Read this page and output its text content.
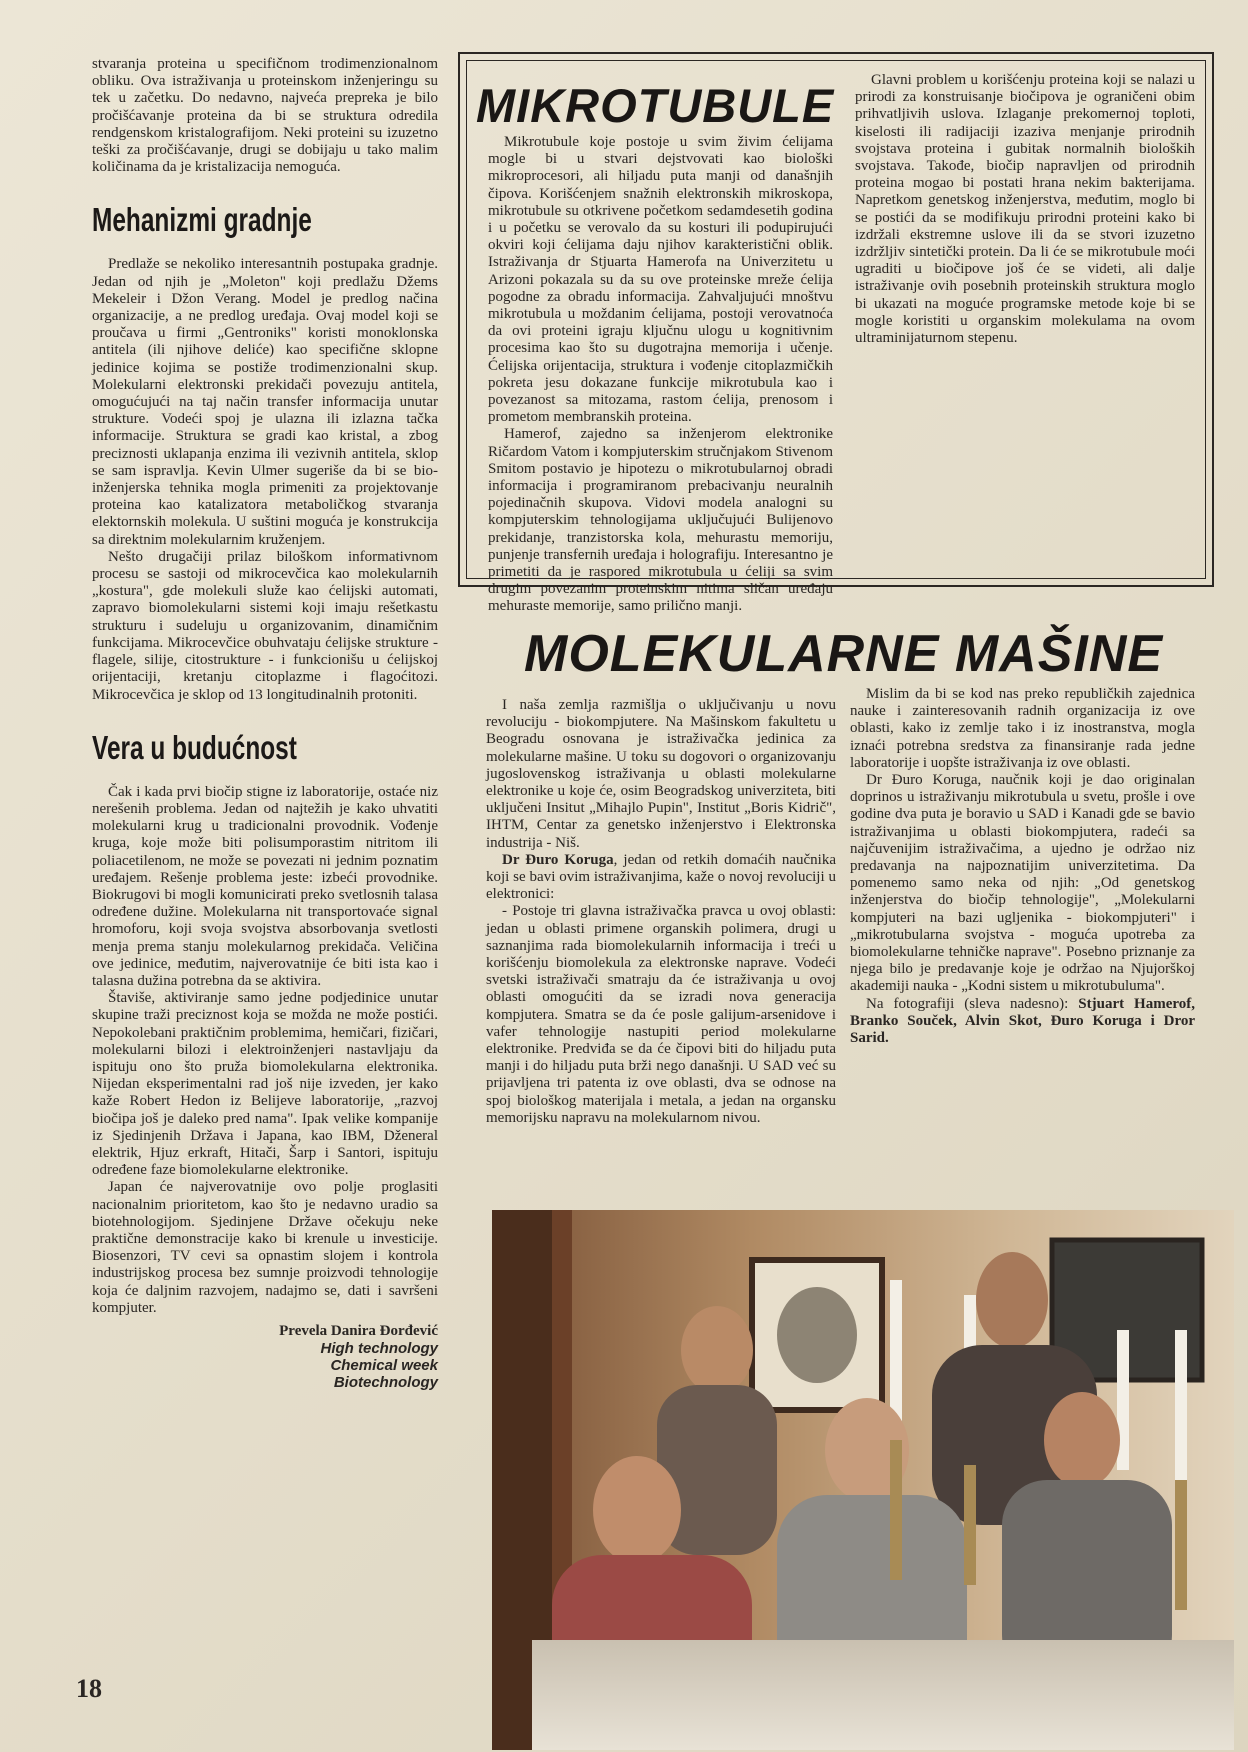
stvaranja proteina u specifičnom trodimenzionalnom obliku. Ova istraživanja u proteinskom inženjeringu su tek u začetku. Do nedavno, najveća prepreka je bilo pročišćavanje proteina da bi se struktura odredila rendgenskom kristalografijom. Neki proteini su izuzetno teški za pročišćavanje, drugi se dobijaju u tako malim količinama da je kristalizacija nemoguća.

Mehanizmi gradnje

Predlaže se nekoliko interesantnih postupaka gradnje. Jedan od njih je „Moleton" koji predlažu Džems Mekeleir i Džon Verang. Model je predlog načina organizacije, a ne predlog uređaja. Ovaj model koji se proučava u firmi „Gentroniks" koristi monoklonska antitela (ili njihove deliće) kao specifične sklopne jedinice kojima se postiže trodimenzionalni skup. Molekularni elektronski prekidači povezuju antitela, omogućujući na taj način transfer informacija unutar strukture. Vodeći spoj je ulazna ili izlazna tačka informacije. Struktura se gradi kao kristal, a zbog preciznosti uklapanja enzima ili vezivnih antitela, sklop se sam ispravlja. Kevin Ulmer sugeriše da bi se bio-inženjerska tehnika mogla primeniti za projektovanje proteina kao katalizatora metaboličkog stvaranja elektornskih molekula. U suštini moguća je konstrukcija sa direktnim molekularnim kruženjem.

Nešto drugačiji prilaz biloškom informativnom procesu se sastoji od mikrocevčica kao molekularnih „kostura", gde molekuli služe kao ćelijski automati, zapravo biomolekularni sistemi koji imaju rešetkastu strukturu i sudeluju u organizovanim, dinamičnim funkcijama. Mikrocevčice obuhvataju ćelijske strukture - flagele, silije, citostrukture - i funkcionišu u ćelijskoj orijentaciji, kretanju citoplazme i flagoćitozi. Mikrocevčica je sklop od 13 longitudinalnih protoniti.

Vera u budućnost

Čak i kada prvi biočip stigne iz laboratorije, ostaće niz nerešenih problema. Jedan od najtežih je kako uhvatiti molekularni krug u tradicionalni provodnik. Vođenje kruga, koje može biti polisumporastim nitritom ili poliacetilenom, ne može se povezati ni jednim poznatim uređajem. Rešenje problema jeste: izbeći provodnike. Biokrugovi bi mogli komunicirati preko svetlosnih talasa određene dužine. Molekularna nit transportovaće signal hromoforu, koji svoja svojstva absorbovanja svetlosti menja prema stanju molekularnog prekidača. Veličina ove jedinice, međutim, najverovatnije će biti ista kao i talasna dužina potrebna da se aktivira.

Štaviše, aktiviranje samo jedne podjedinice unutar skupine traži preciznost koja se možda ne može postići. Nepokolebani praktičnim problemima, hemičari, fizičari, molekularni bilozi i elektroinženjeri nastavljaju da ispituju ono što pruža biomolekularna elektronika. Nijedan eksperimentalni rad još nije izveden, jer kako kaže Robert Hedon iz Belijeve laboratorije, „razvoj biočipa još je daleko pred nama". Ipak velike kompanije iz Sjedinjenih Država i Japana, kao IBM, Dženeral elektrik, Hjuz erkraft, Hitači, Šarp i Santori, ispituju određene faze biomolekularne elektronike.

Japan će najverovatnije ovo polje proglasiti nacionalnim prioritetom, kao što je nedavno uradio sa biotehnologijom. Sjedinjene Države očekuju neke praktične demonstracije kako bi krenule u investicije. Biosenzori, TV cevi sa opnastim slojem i kontrola industrijskog procesa bez sumnje proizvodi tehnologije koja će daljnim razvojem, nadajmo se, dati i savršeni kompjuter.

Prevela Danira Đorđević
High technology
Chemical week
Biotechnology
MIKROTUBULE

Mikrotubule koje postoje u svim živim ćelijama mogle bi u stvari dejstvovati kao biološki mikroprocesori, ali hiljadu puta manji od današnjih čipova. Korišćenjem snažnih elektronskih mikroskopa, mikrotubule su otkrivene početkom sedamdesetih godina i u početku se verovalo da su kosturi ili podupirujući okviri koji ćelijama daju njihov karakteristični oblik. Istraživanja dr Stjuarta Hamerofa na Univerzitetu u Arizoni pokazala su da su ove proteinske mreže ćelija pogodne za obradu informacija. Zahvaljujući mnoštvu mikrotubula u moždanim ćelijama, postoji verovatnoća da ovi proteini igraju ključnu ulogu u kognitivnim procesima kao što su dugotrajna memorija i učenje. Ćelijska orijentacija, struktura i vođenje citoplazmičkih pokreta jesu dokazane funkcije mikrotubula kao i povezanost sa mitozama, rastom ćelija, prenosom i prometom membranskih proteina.

Hamerof, zajedno sa inženjerom elektronike Ričardom Vatom i kompjuterskim stručnjakom Stivenom Smitom postavio je hipotezu o mikrotubularnoj obradi informacija i programiranom prebacivanju neuralnih pojedinačnih skupova. Vidovi modela analogni su kompjuterskim tehnologijama uključujući Bulijenovo prekidanje, tranzistorska kola, mehurastu memoriju, punjenje transfernih uređaja i holografiju. Interesantno je primetiti da je raspored mikrotubula u ćeliji sa svim drugim povezanim proteinskim nitima sličan uređaju mehuraste memorije, samo prilično manji.

Glavni problem u korišćenju proteina koji se nalazi u prirodi za konstruisanje biočipova je ograničeni obim prihvatljivih uslova. Izlaganje prekomernoj toploti, kiselosti ili radijaciji izaziva menjanje prirodnih svojstava proteina i gubitak normalnih bioloških svojstava. Takođe, biočip napravljen od prirodnih proteina mogao bi postati hrana nekim bakterijama. Napretkom genetskog inženjerstva, međutim, moglo bi se postići da se modifikuju prirodni proteini kako bi izdržali ekstremne uslove ili da se stvori izuzetno izdržljiv sintetički protein. Da li će se mikrotubule moći ugraditi u biočipove još će se videti, ali dalje istraživanje ovih posebnih proteinskih struktura moglo bi ukazati na moguće programske metode koje bi se mogle koristiti u organskim molekulama na ovom ultraminijaturnom stepenu.

MOLEKULARNE MAŠINE

I naša zemlja razmišlja o uključivanju u novu revoluciju - biokompjutere. Na Mašinskom fakultetu u Beogradu osnovana je istraživačka jedinica za molekularne mašine. U toku su dogovori o organizovanju jugoslovenskog istraživanja u oblasti molekularne elektronike u koje će, osim Beogradskog univerziteta, biti uključeni Insitut „Mihajlo Pupin", Institut „Boris Kidrič", IHTM, Centar za genetsko inženjerstvo i Elektronska industrija - Niš.

Dr Đuro Koruga, jedan od retkih domaćih naučnika koji se bavi ovim istraživanjima, kaže o novoj revoluciji u elektronici:

- Postoje tri glavna istraživačka pravca u ovoj oblasti: jedan u oblasti primene organskih polimera, drugi u saznanjima rada biomolekularnih informacija i treći u korišćenju biomolekula za elektronske naprave. Vodeći svetski istraživači smatraju da će istraživanja u ovoj oblasti omogućiti da se izradi nova generacija kompjutera. Smatra se da će posle galijum-arsenidove i vafer tehnologije nastupiti period molekularne elektronike. Predviđa se da će čipovi biti do hiljadu puta manji i do hiljadu puta brži nego današnji. U SAD već su prijavljena tri patenta iz ove oblasti, dva se odnose na spoj biološkog materijala i metala, a jedan na organsku memorijsku napravu na molekularnom nivou.

Mislim da bi se kod nas preko republičkih zajednica nauke i zainteresovanih radnih organizacija iz ove oblasti, kako iz zemlje tako i iz inostranstva, mogla iznaći potrebna sredstva za finansiranje rada jedne laboratorije i uopšte istraživanja iz ove oblasti.

Dr Đuro Koruga, naučnik koji je dao originalan doprinos u istraživanju mikrotubula u svetu, prošle i ove godine dva puta je boravio u SAD i Kanadi gde se bavio istraživanjima u oblasti biokompjutera, radeći sa najčuvenijim istraživačima, a ujedno je održao niz predavanja na najpoznatijim univerzitetima. Da pomenemo samo neka od njih: „Od genetskog inženjerstva do biočip tehnologije", „Molekularni kompjuteri na bazi ugljenika - biokompjuteri" i „mikrotubularna svojstva - moguća upotreba za biomolekularne tehničke naprave". Posebno priznanje za njega bilo je predavanje koje je održao na Njujorškoj akademiji nauka - „Kodni sistem u mikrotubuluma".

Na fotografiji (sleva nadesno): Stjuart Hamerof, Branko Souček, Alvin Skot, Đuro Koruga i Dror Sarid.

18
